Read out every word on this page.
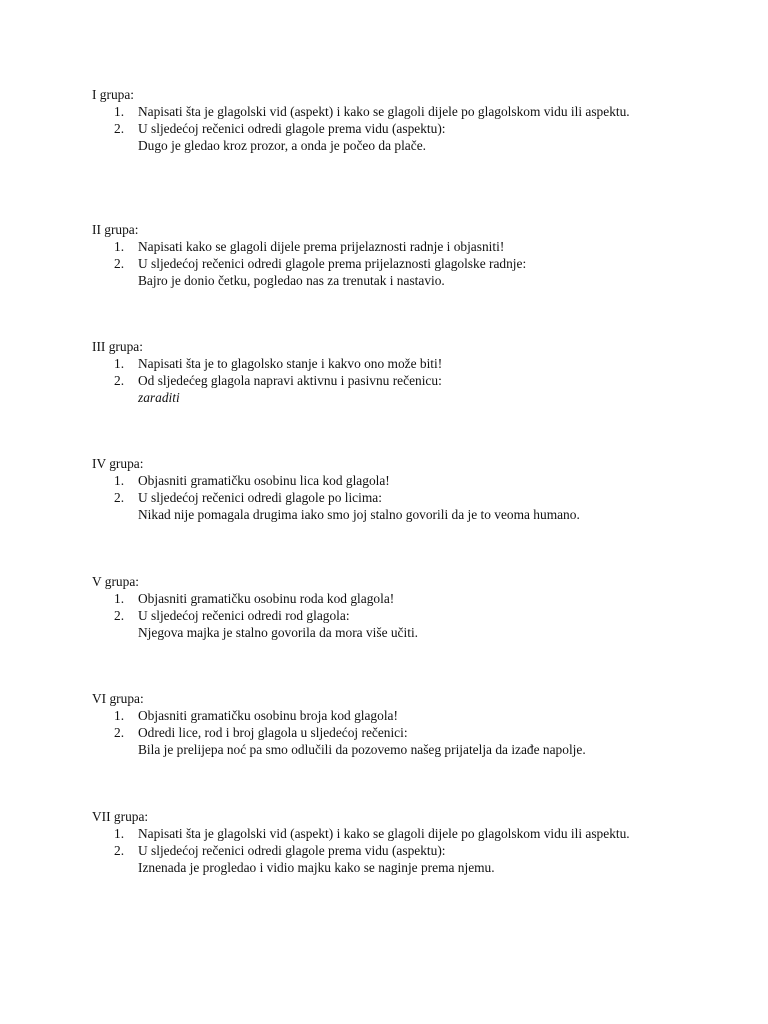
I grupa:
1. Napisati šta je glagolski vid (aspekt) i kako se glagoli dijele po glagolskom vidu ili aspektu.
2. U sljedećoj rečenici odredi glagole prema vidu (aspektu):
Dugo je gledao kroz prozor, a onda je počeo da plače.
II grupa:
1. Napisati kako se glagoli dijele prema prijelaznosti radnje i objasniti!
2. U sljedećoj rečenici odredi glagole prema prijelaznosti glagolske radnje:
Bajro je donio četku, pogledao nas za trenutak i nastavio.
III grupa:
1. Napisati šta je to glagolsko stanje i kakvo ono može biti!
2. Od sljedećeg glagola napravi aktivnu i pasivnu rečenicu:
zaraditi
IV grupa:
1. Objasniti gramatičku osobinu lica kod glagola!
2. U sljedećoj rečenici odredi glagole po licima:
Nikad nije pomagala drugima iako smo joj stalno govorili da je to veoma humano.
V grupa:
1. Objasniti gramatičku osobinu roda kod glagola!
2. U sljedećoj rečenici odredi rod glagola:
Njegova majka je stalno govorila da mora više učiti.
VI grupa:
1. Objasniti gramatičku osobinu broja kod glagola!
2. Odredi lice, rod i broj glagola u sljedećoj rečenici:
Bila je prelijepa noć pa smo odlučili da pozovemo našeg prijatelja da izađe napolje.
VII grupa:
1. Napisati šta je glagolski vid (aspekt) i kako se glagoli dijele po glagolskom vidu ili aspektu.
2. U sljedećoj rečenici odredi glagole prema vidu (aspektu):
Iznenada je progledao i vidio majku kako se naginje prema njemu.
